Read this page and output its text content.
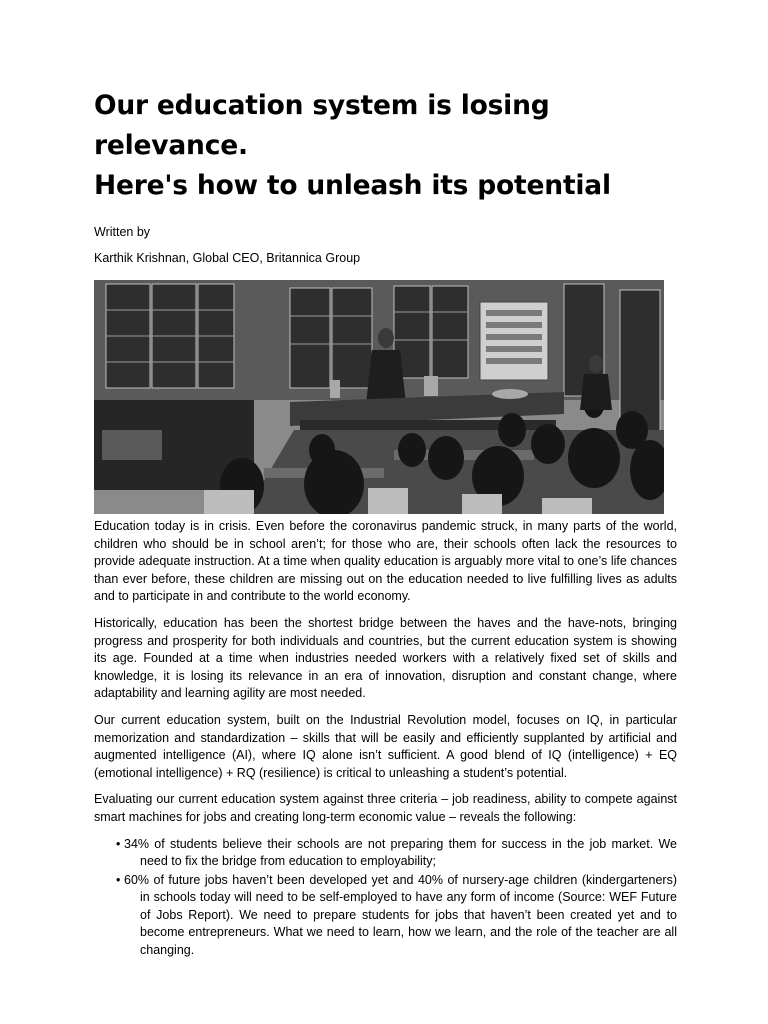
Our education system is losing relevance.
Here's how to unleash its potential
Written by
Karthik Krishnan, Global CEO, Britannica Group

Education today is in crisis. Even before the coronavirus pandemic struck, in many parts of the world, children who should be in school aren’t; for those who are, their schools often lack the resources to provide adequate instruction. At a time when quality education is arguably more vital to one’s life chances than ever before, these children are missing out on the education needed to live fulfilling lives as adults and to participate in and contribute to the world economy.

Historically, education has been the shortest bridge between the haves and the have-nots, bringing progress and prosperity for both individuals and countries, but the current education system is showing its age. Founded at a time when industries needed workers with a relatively fixed set of skills and knowledge, it is losing its relevance in an era of innovation, disruption and constant change, where adaptability and learning agility are most needed.

Our current education system, built on the Industrial Revolution model, focuses on IQ, in particular memorization and standardization – skills that will be easily and efficiently supplanted by artificial and augmented intelligence (AI), where IQ alone isn’t sufficient. A good blend of IQ (intelligence) + EQ (emotional intelligence) + RQ (resilience) is critical to unleashing a student’s potential.

Evaluating our current education system against three criteria – job readiness, ability to compete against smart machines for jobs and creating long-term economic value – reveals the following:

• 34% of students believe their schools are not preparing them for success in the job market. We need to fix the bridge from education to employability;
• 60% of future jobs haven’t been developed yet and 40% of nursery-age children (kindergarteners) in schools today will need to be self-employed to have any form of income (Source: WEF Future of Jobs Report). We need to prepare students for jobs that haven’t been created yet and to become entrepreneurs. What we need to learn, how we learn, and the role of the teacher are all changing.
